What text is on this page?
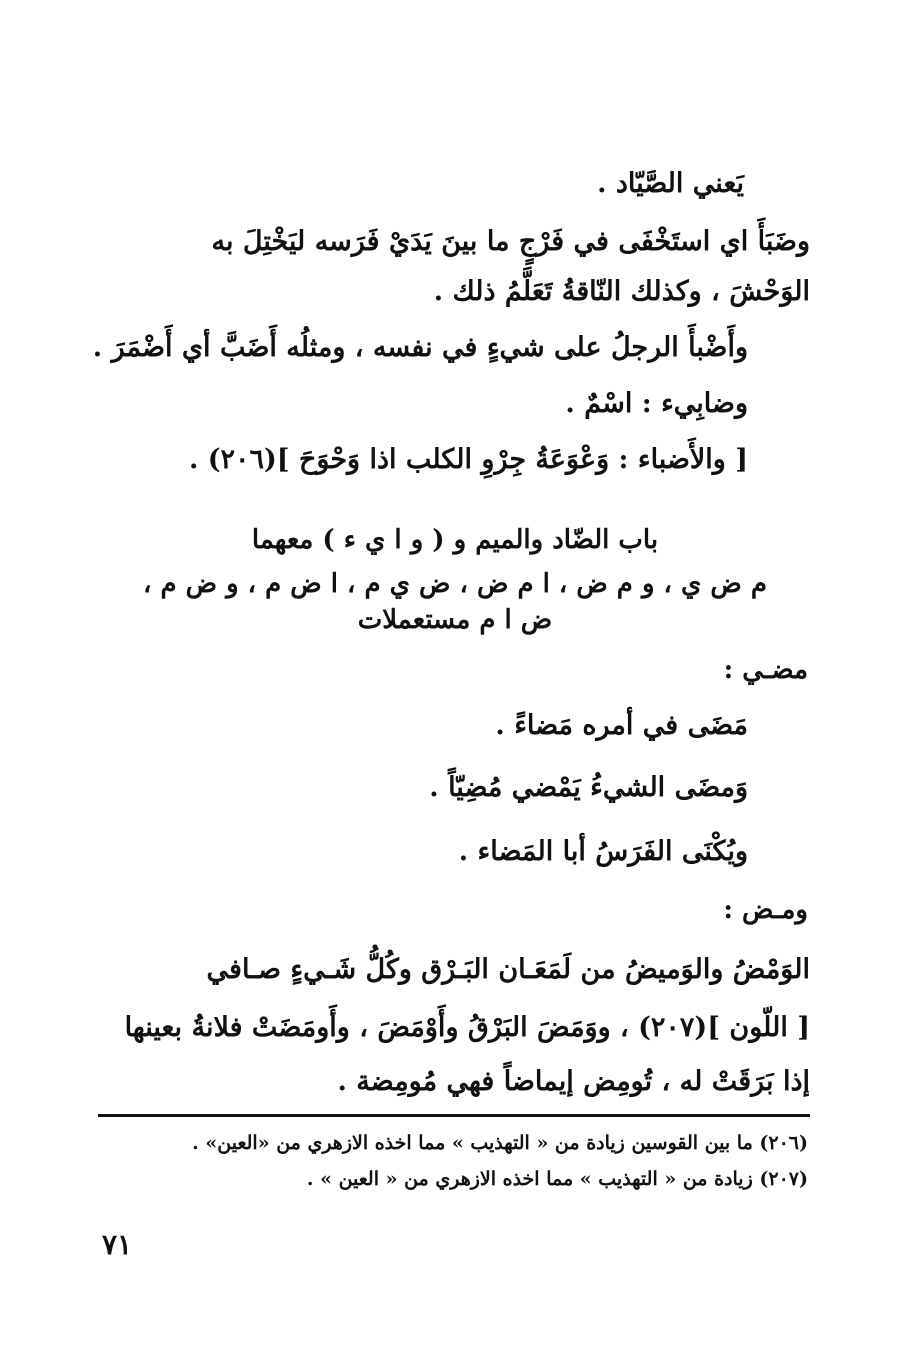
يَعني الصَّيّاد .
وضَبَأَ اي استَخْفَى في فَرْجٍ ما بينَ يَدَيْ فَرَسه ليَخْتِلَ به
الوَحْشَ ، وكذلك النّاقةُ تَعَلَّمُ ذلك .
وأَضْبأَ الرجلُ على شيءٍ في نفسه ، ومثلُه أَضَبَّ أي أَضْمَرَ .
وضابِيء : اسْمٌ .
[ والأَضباء : وَعْوَعَةُ جِرْوِ الكلب اذا وَحْوَحَ ](٢٠٦) .
باب الضّاد والميم و ( و ا ي ء ) معهما
م ض ي ، و م ض ، ا م ض ، ض ي م ، ا ض م ، و ض م ،
ض ا م مستعملات
مضـي :
مَضَى في أمره مَضاءً .
وَمضَى الشيءُ يَمْضي مُضِيّاً .
ويُكْنَى الفَرَسُ أبا المَضاء .
ومـض :
الوَمْضُ والوَميضُ من لَمَعَـان البَـرْق وكُلُّ شَـيءٍ صـافي
[ اللّون ](٢٠٧) ، ووَمَضَ البَرْقُ وأَوْمَضَ ، وأَومَضَتْ فلانةُ بعينها
إذا بَرَقَتْ له ، تُومِض إيماضاً فهي مُومِضة .
(٢٠٦) ما بين القوسين زيادة من « التهذيب » مما اخذه الازهري من «العين» .
(٢٠٧) زيادة من « التهذيب » مما اخذه الازهري من « العين » .
٧١
